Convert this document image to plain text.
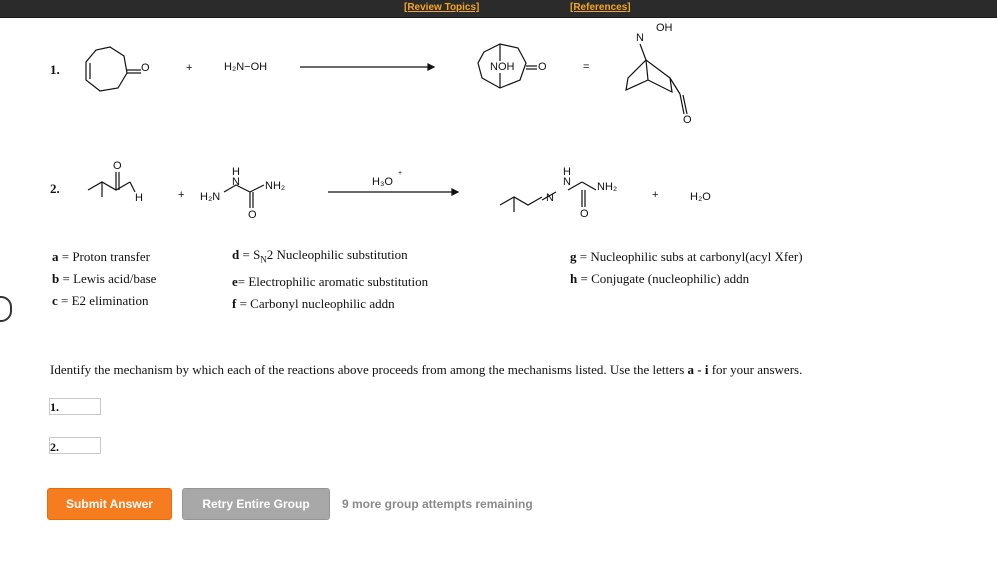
[Review Topics]	[References]
1.	O	+	H₂N−OH	NOH O	=
N
OH
O
2.
O
H	+ H₂N
H
N NH₂
O
H₃O
+
N
H
N NH₂
O
+	H₂O
a = Proton transfer
b = Lewis acid/base
c = E2 elimination
$d = S_N2$ Nucleophilic substitution
e= Electrophilic aromatic substitution
f = Carbonyl nucleophilic addn
g = Nucleophilic subs at carbonyl(acyl Xfer)
h = Conjugate (nucleophilic) addn
Identify the mechanism by which each of the reactions above proceeds from among the mechanisms listed. Use the letters a - i for your answers.
1.
2.
Submit Answer	Retry Entire Group	9 more group attempts remaining
